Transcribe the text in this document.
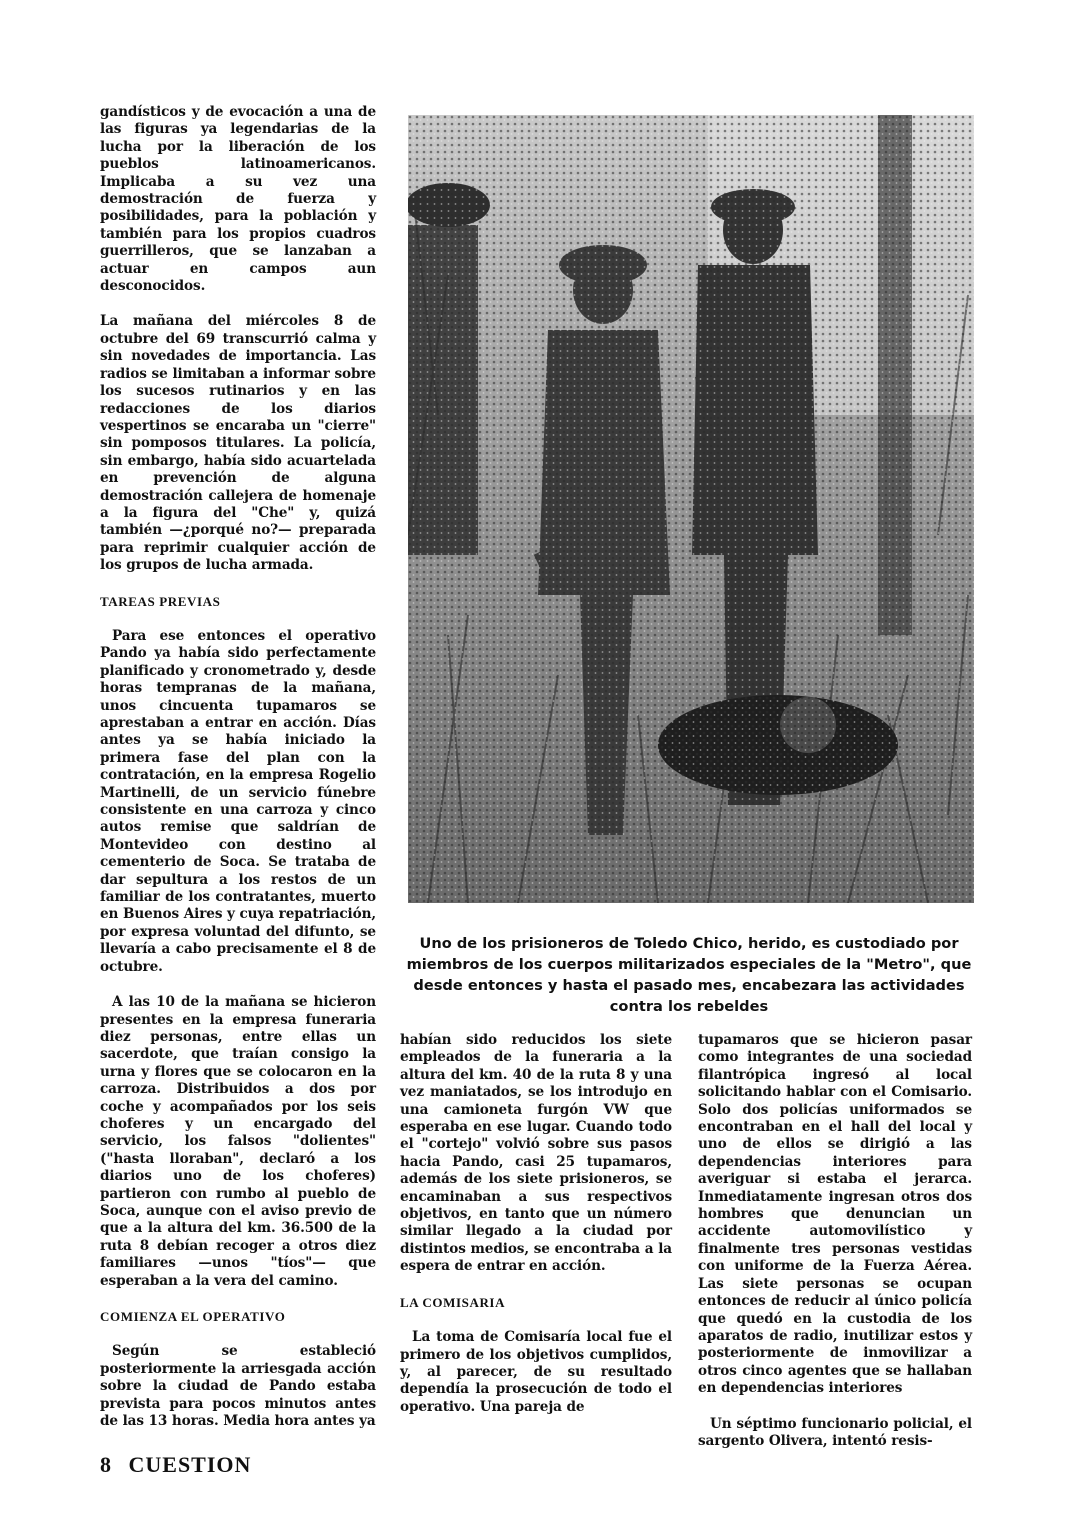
gandísticos y de evocación a una de las figuras ya legendarias de la lucha por la liberación de los pueblos latinoamericanos. Implicaba a su vez una demostración de fuerza y posibilidades, para la población y también para los propios cuadros guerrilleros, que se lanzaban a actuar en campos aun desconocidos.

La mañana del miércoles 8 de octubre del 69 transcurrió calma y sin novedades de importancia. Las radios se limitaban a informar sobre los sucesos rutinarios y en las redacciones de los diarios vespertinos se encaraba un "cierre" sin pomposos titulares. La policía, sin embargo, había sido acuartelada en prevención de alguna demostración callejera de homenaje a la figura del "Che" y, quizá también —¿porqué no?— preparada para reprimir cualquier acción de los grupos de lucha armada.

TAREAS PREVIAS

Para ese entonces el operativo Pando ya había sido perfectamente planificado y cronometrado y, desde horas tempranas de la mañana, unos cincuenta tupamaros se aprestaban a entrar en acción. Días antes ya se había iniciado la primera fase del plan con la contratación, en la empresa Rogelio Martinelli, de un servicio fúnebre consistente en una carroza y cinco autos remise que saldrían de Montevideo con destino al cementerio de Soca. Se trataba de dar sepultura a los restos de un familiar de los contratantes, muerto en Buenos Aires y cuya repatriación, por expresa voluntad del difunto, se llevaría a cabo precisamente el 8 de octubre.

A las 10 de la mañana se hicieron presentes en la empresa funeraria diez personas, entre ellas un sacerdote, que traían consigo la urna y flores que se colocaron en la carroza. Distribuidos a dos por coche y acompañados por los seis choferes y un encargado del servicio, los falsos "dolientes" ("hasta lloraban", declaró a los diarios uno de los choferes) partieron con rumbo al pueblo de Soca, aunque con el aviso previo de que a la altura del km. 36.500 de la ruta 8 debían recoger a otros diez familiares —unos "tíos"— que esperaban a la vera del camino.

COMIENZA EL OPERATIVO

Según se estableció posteriormente la arriesgada acción sobre la ciudad de Pando estaba prevista para pocos minutos antes de las 13 horas. Media hora antes ya

Uno de los prisioneros de Toledo Chico, herido, es custodiado por miembros de los cuerpos militarizados especiales de la "Metro", que desde entonces y hasta el pasado mes, encabezara las actividades contra los rebeldes

habían sido reducidos los siete empleados de la funeraria a la altura del km. 40 de la ruta 8 y una vez maniatados, se los introdujo en una camioneta furgón VW que esperaba en ese lugar. Cuando todo el "cortejo" volvió sobre sus pasos hacia Pando, casi 25 tupamaros, además de los siete prisioneros, se encaminaban a sus respectivos objetivos, en tanto que un número similar llegado a la ciudad por distintos medios, se encontraba a la espera de entrar en acción.

LA COMISARIA

La toma de Comisaría local fue el primero de los objetivos cumplidos, y, al parecer, de su resultado dependía la prosecución de todo el operativo. Una pareja de

tupamaros que se hicieron pasar como integrantes de una sociedad filantrópica ingresó al local solicitando hablar con el Comisario. Solo dos policías uniformados se encontraban en el hall del local y uno de ellos se dirigió a las dependencias interiores para averiguar si estaba el jerarca. Inmediatamente ingresan otros dos hombres que denuncian un accidente automovilístico y finalmente tres personas vestidas con uniforme de la Fuerza Aérea. Las siete personas se ocupan entonces de reducir al único policía que quedó en la custodia de los aparatos de radio, inutilizar estos y posteriormente de inmovilizar a otros cinco agentes que se hallaban en dependencias interiores

Un séptimo funcionario policial, el sargento Olivera, intentó resis-

8 CUESTION
